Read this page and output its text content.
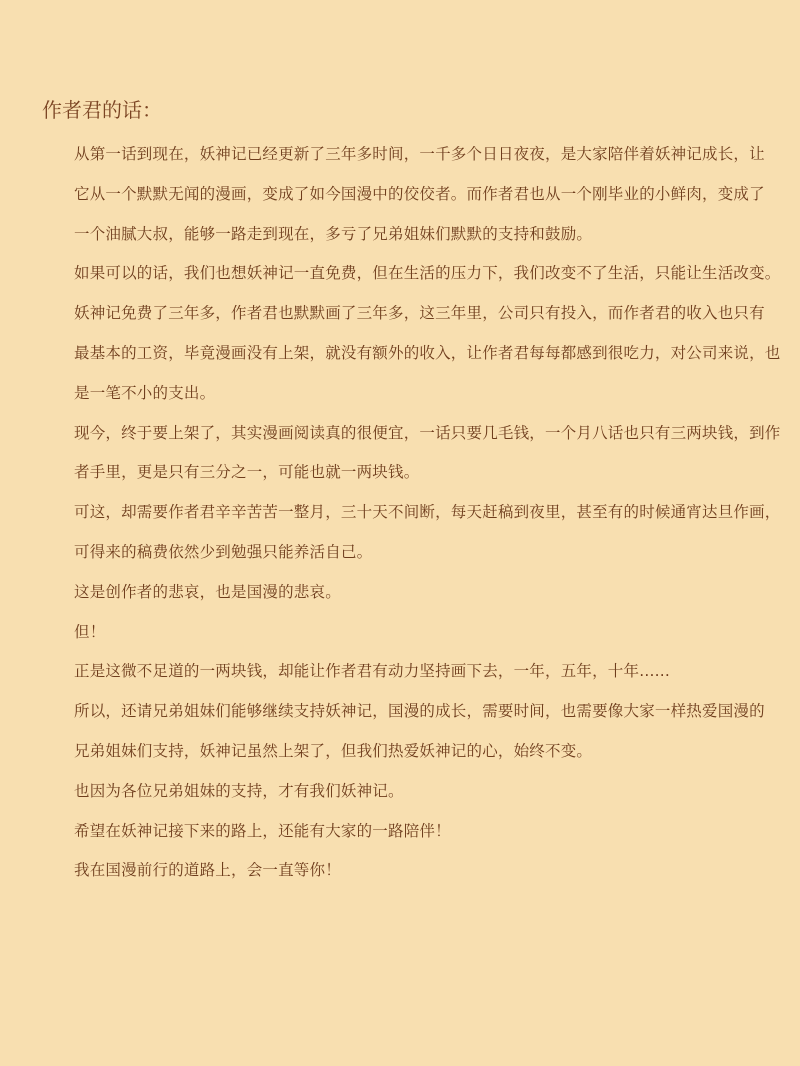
作者君的话：
从第一话到现在，妖神记已经更新了三年多时间，一千多个日日夜夜，是大家陪伴着妖神记成长，让
它从一个默默无闻的漫画，变成了如今国漫中的佼佼者。而作者君也从一个刚毕业的小鲜肉，变成了
一个油腻大叔，能够一路走到现在，多亏了兄弟姐妹们默默的支持和鼓励。
如果可以的话，我们也想妖神记一直免费，但在生活的压力下，我们改变不了生活，只能让生活改变。
妖神记免费了三年多，作者君也默默画了三年多，这三年里，公司只有投入，而作者君的收入也只有
最基本的工资，毕竟漫画没有上架，就没有额外的收入，让作者君每每都感到很吃力，对公司来说，也
是一笔不小的支出。
现今，终于要上架了，其实漫画阅读真的很便宜，一话只要几毛钱，一个月八话也只有三两块钱，到作
者手里，更是只有三分之一，可能也就一两块钱。
可这，却需要作者君辛辛苦苦一整月，三十天不间断，每天赶稿到夜里，甚至有的时候通宵达旦作画，
可得来的稿费依然少到勉强只能养活自己。
这是创作者的悲哀，也是国漫的悲哀。
但！
正是这微不足道的一两块钱，却能让作者君有动力坚持画下去，一年，五年，十年......
所以，还请兄弟姐妹们能够继续支持妖神记，国漫的成长，需要时间，也需要像大家一样热爱国漫的
兄弟姐妹们支持，妖神记虽然上架了，但我们热爱妖神记的心，始终不变。
也因为各位兄弟姐妹的支持，才有我们妖神记。
希望在妖神记接下来的路上，还能有大家的一路陪伴！
我在国漫前行的道路上，会一直等你！
